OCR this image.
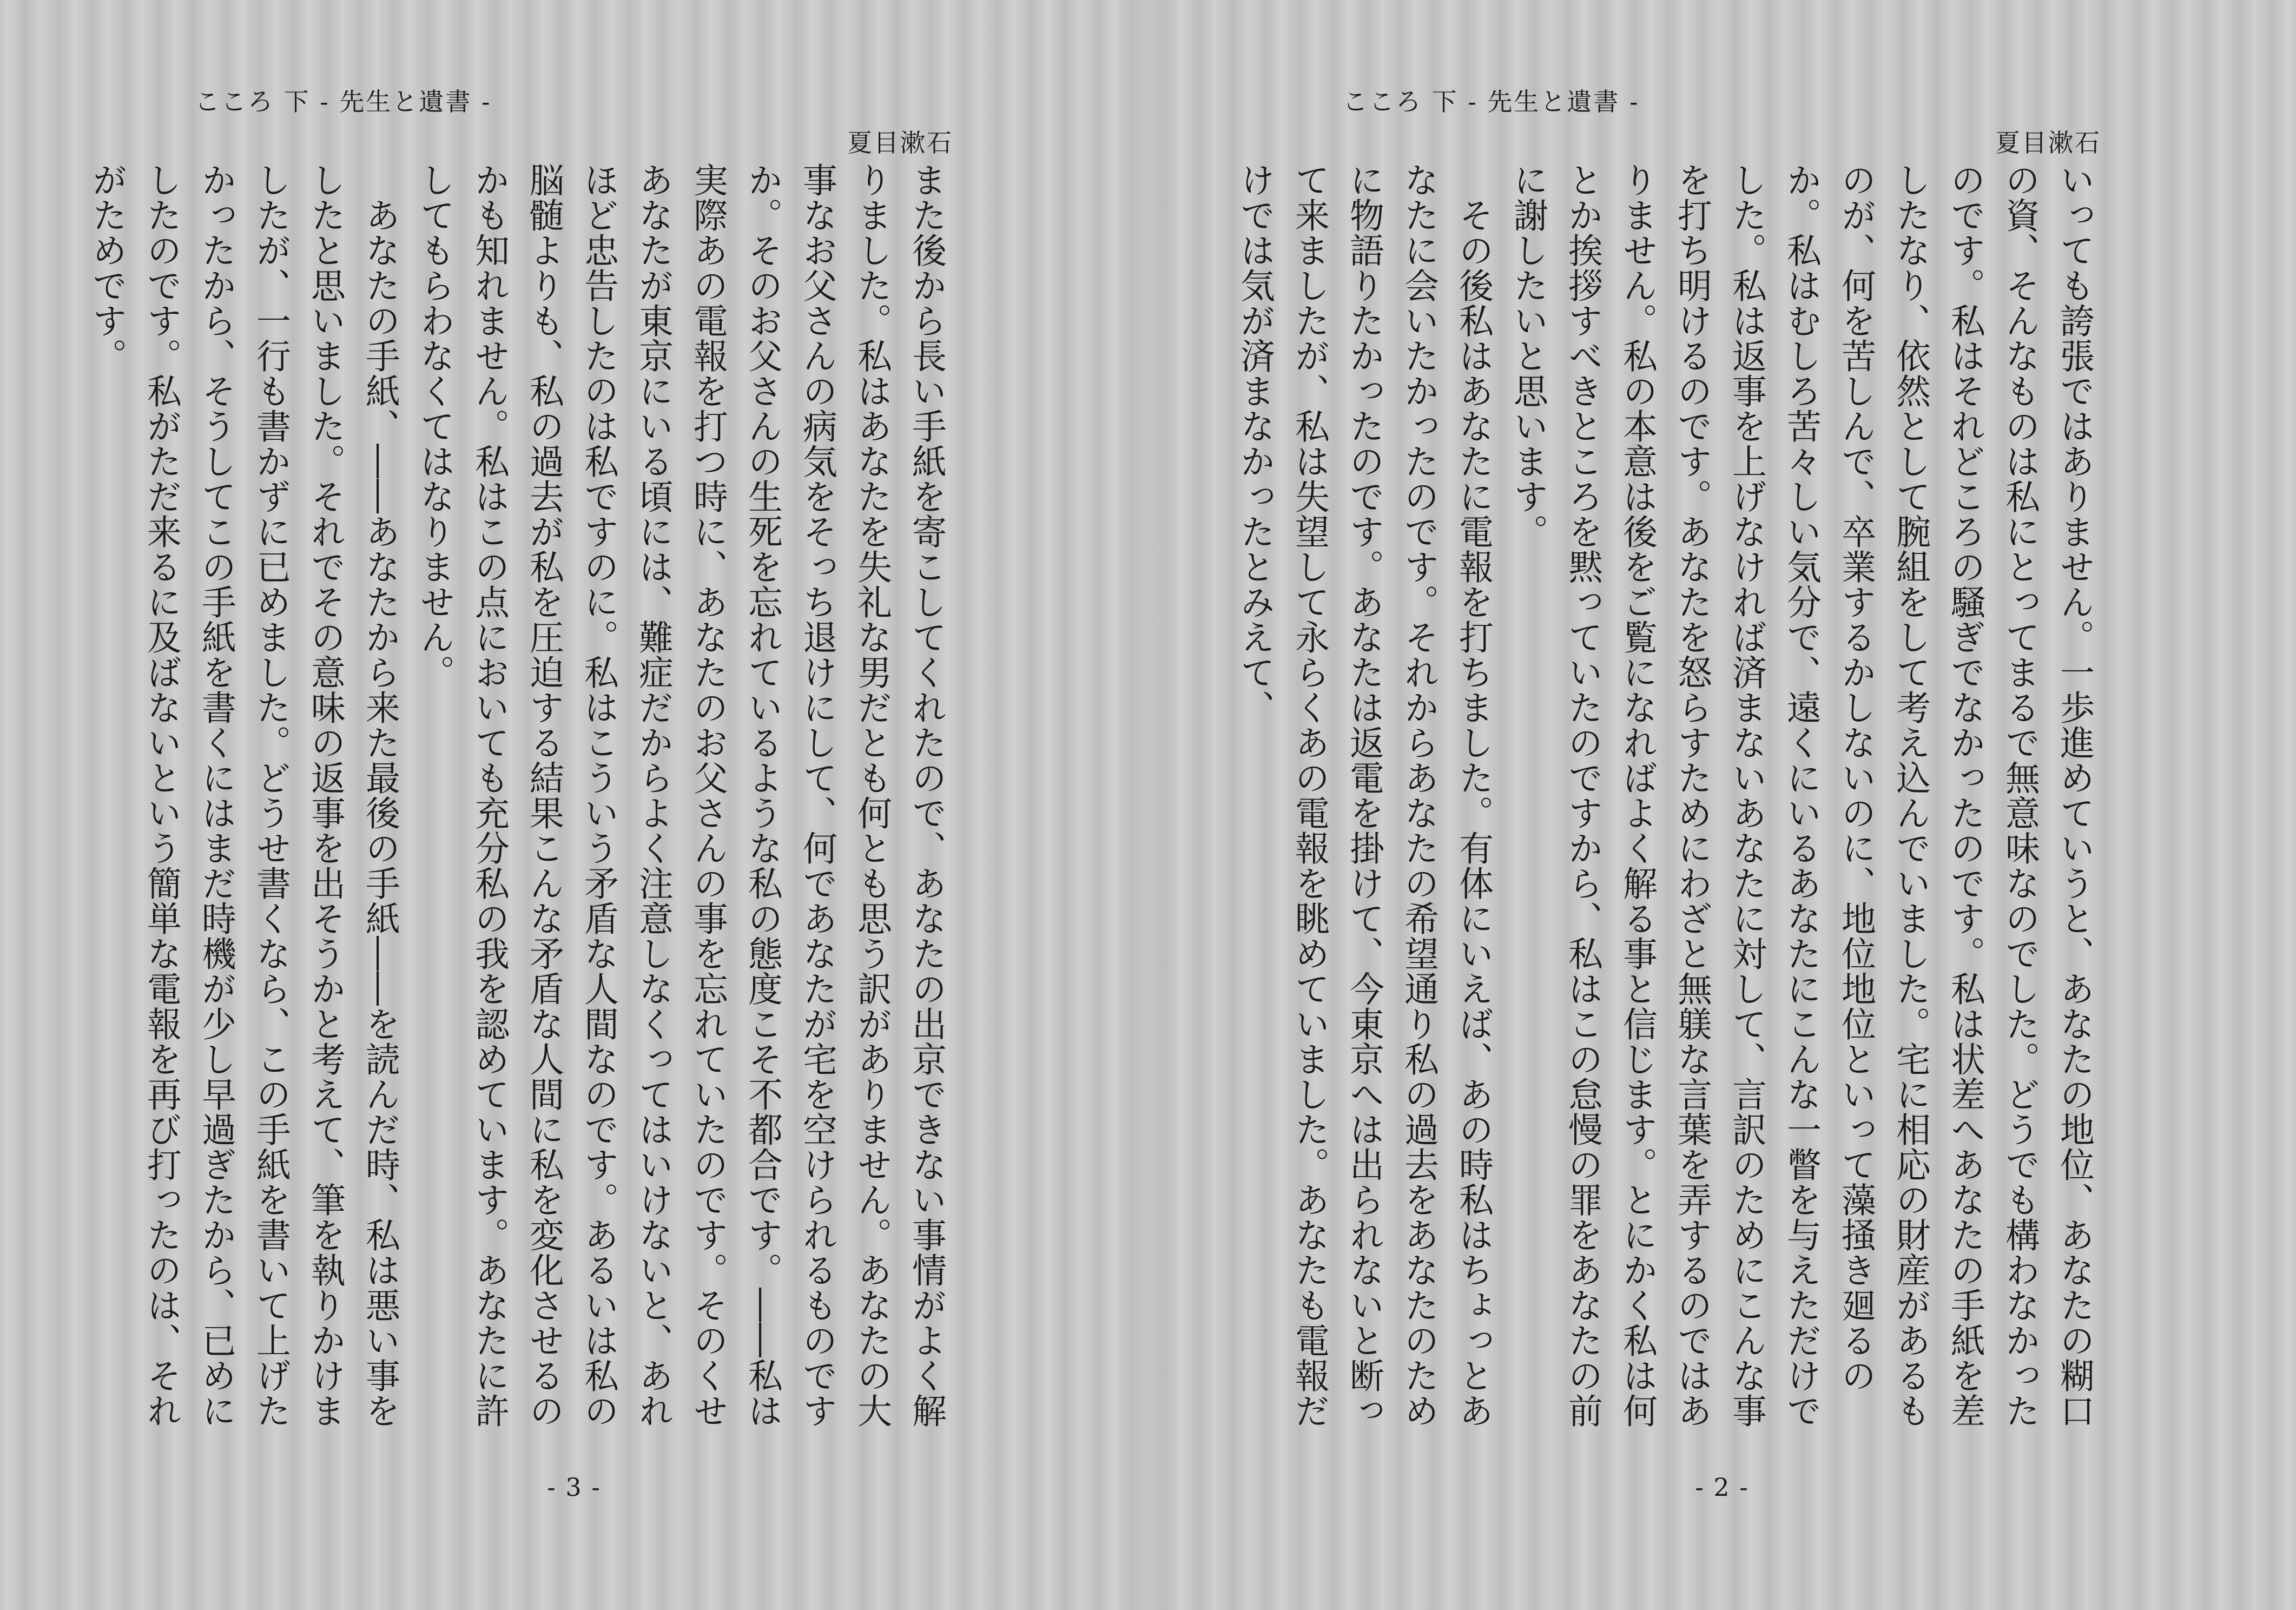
こころ 下 - 先生と遺書 -
夏目漱石

また後から長い手紙を寄こしてくれたので、あなたの出京できない事情がよく解りました。私はあなたを失礼な男だとも何とも思う訳がありません。あなたの大事なお父さんの病気をそっち退けにして、何であなたが宅を空けられるものですか。そのお父さんの生死を忘れているような私の態度こそ不都合です。――私は実際あの電報を打つ時に、あなたのお父さんの事を忘れていたのです。そのくせあなたが東京にいる頃には、難症だからよく注意しなくってはいけないと、あれほど忠告したのは私ですのに。私はこういう矛盾な人間なのです。あるいは私の脳髄よりも、私の過去が私を圧迫する結果こんな矛盾な人間に私を変化させるのかも知れません。私はこの点においても充分私の我を認めています。あなたに許してもらわなくてはなりません。

　あなたの手紙、――あなたから来た最後の手紙――を読んだ時、私は悪い事をしたと思いました。それでその意味の返事を出そうかと考えて、筆を執りかけましたが、一行も書かずに已めました。どうせ書くなら、この手紙を書いて上げたかったから、そうしてこの手紙を書くにはまだ時機が少し早過ぎたから、已めにしたのです。私がただ来るに及ばないという簡単な電報を再び打ったのは、それがためです。

- 3 -
こころ 下 - 先生と遺書 -
夏目漱石

いっても誇張ではありません。一歩進めていうと、あなたの地位、あなたの糊口の資、そんなものは私にとってまるで無意味なのでした。どうでも構わなかったのです。私はそれどころの騒ぎでなかったのです。私は状差へあなたの手紙を差したなり、依然として腕組をして考え込んでいました。宅に相応の財産があるものが、何を苦しんで、卒業するかしないのに、地位地位といって藻掻き廻るのか。私はむしろ苦々しい気分で、遠くにいるあなたにこんな一瞥を与えただけでした。私は返事を上げなければ済まないあなたに対して、言訳のためにこんな事を打ち明けるのです。あなたを怒らすためにわざと無躾な言葉を弄するのではありません。私の本意は後をご覧になればよく解る事と信じます。とにかく私は何とか挨拶すべきところを黙っていたのですから、私はこの怠慢の罪をあなたの前に謝したいと思います。

　その後私はあなたに電報を打ちました。有体にいえば、あの時私はちょっとあなたに会いたかったのです。それからあなたの希望通り私の過去をあなたのために物語りたかったのです。あなたは返電を掛けて、今東京へは出られないと断って来ましたが、私は失望して永らくあの電報を眺めていました。あなたも電報だけでは気が済まなかったとみえて、

- 2 -
